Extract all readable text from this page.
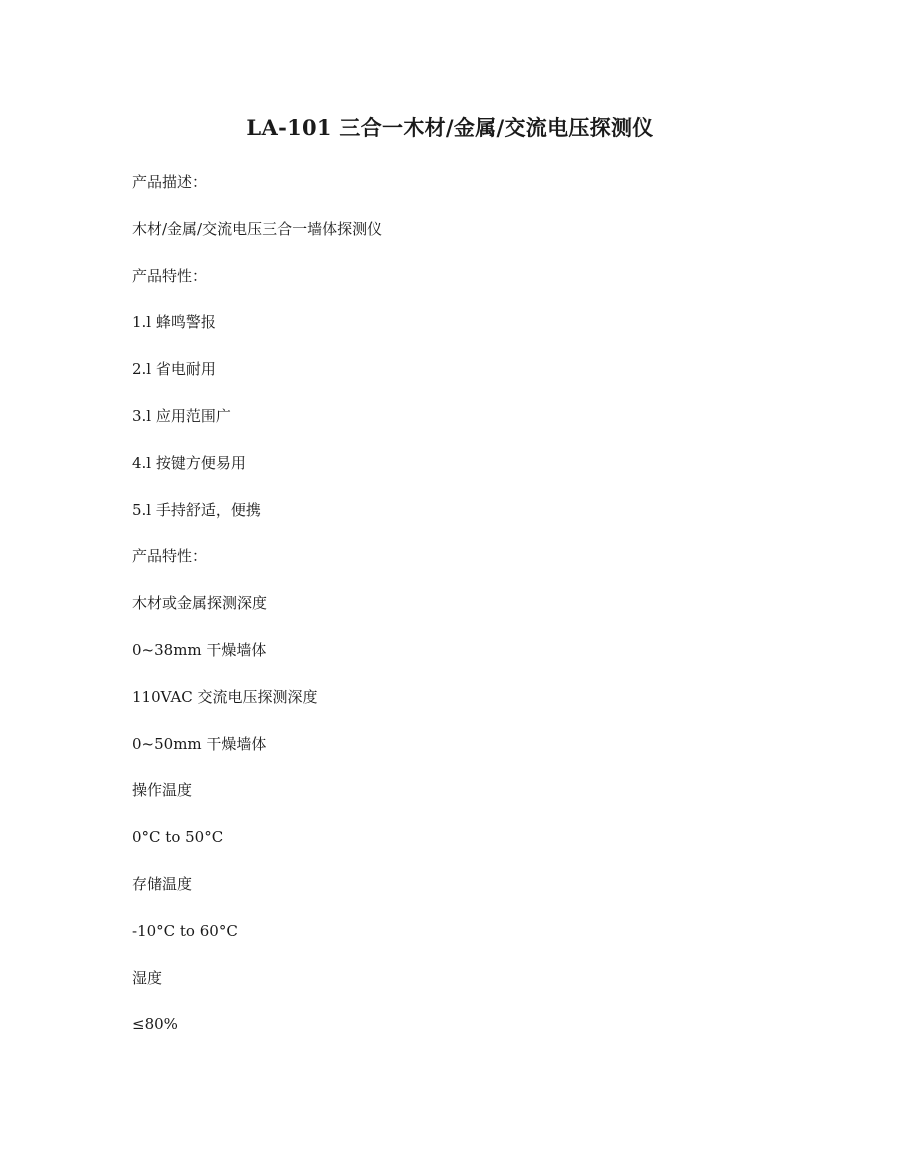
LA-101 三合一木材/金属/交流电压探测仪
产品描述：
木材/金属/交流电压三合一墙体探测仪
产品特性：
1.l 蜂鸣警报
2.l 省电耐用
3.l 应用范围广
4.l 按键方便易用
5.l 手持舒适，便携
产品特性：
木材或金属探测深度
0~38mm 干燥墙体
110VAC 交流电压探测深度
0~50mm 干燥墙体
操作温度
0°C to 50°C
存储温度
-10°C to 60°C
湿度
≤80%
